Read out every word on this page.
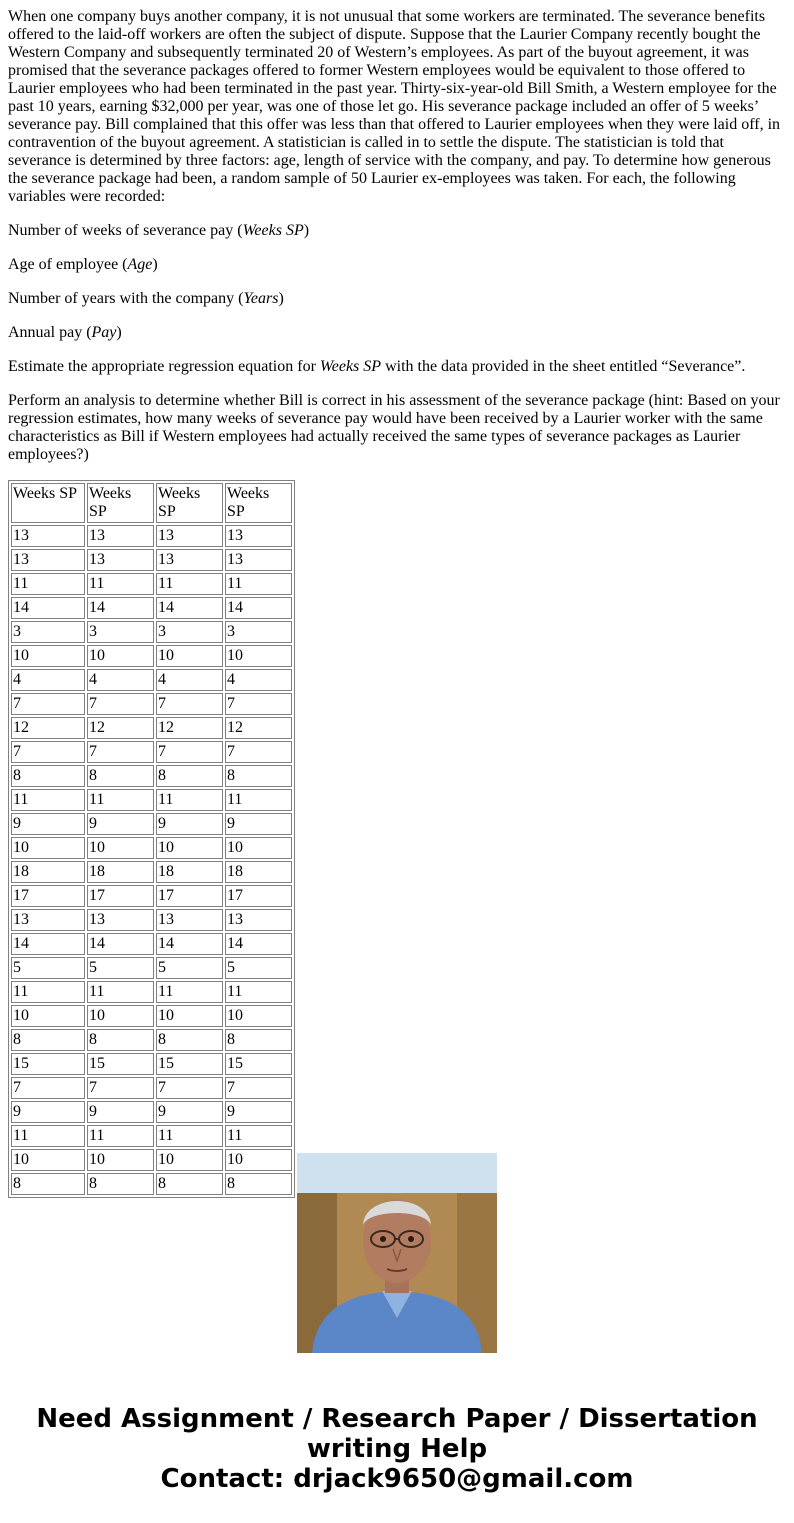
When one company buys another company, it is not unusual that some workers are terminated. The severance benefits offered to the laid-off workers are often the subject of dispute. Suppose that the Laurier Company recently bought the Western Company and subsequently terminated 20 of Western’s employees. As part of the buyout agreement, it was promised that the severance packages offered to former Western employees would be equivalent to those offered to Laurier employees who had been terminated in the past year. Thirty-six-year-old Bill Smith, a Western employee for the past 10 years, earning $32,000 per year, was one of those let go. His severance package included an offer of 5 weeks’ severance pay. Bill complained that this offer was less than that offered to Laurier employees when they were laid off, in contravention of the buyout agreement. A statistician is called in to settle the dispute. The statistician is told that severance is determined by three factors: age, length of service with the company, and pay. To determine how generous the severance package had been, a random sample of 50 Laurier ex-employees was taken. For each, the following variables were recorded:

Number of weeks of severance pay (Weeks SP)

Age of employee (Age)

Number of years with the company (Years)

Annual pay (Pay)

Estimate the appropriate regression equation for Weeks SP with the data provided in the sheet entitled “Severance”.

Perform an analysis to determine whether Bill is correct in his assessment of the severance package (hint: Based on your regression estimates, how many weeks of severance pay would have been received by a Laurier worker with the same characteristics as Bill if Western employees had actually received the same types of severance packages as Laurier employees?)

Weeks SP	Weeks SP	Weeks SP	Weeks SP
13	13	13	13
13	13	13	13
11	11	11	11
14	14	14	14
3	3	3	3
10	10	10	10
4	4	4	4
7	7	7	7
12	12	12	12
7	7	7	7
8	8	8	8
11	11	11	11
9	9	9	9
10	10	10	10
18	18	18	18
17	17	17	17
13	13	13	13
14	14	14	14
5	5	5	5
11	11	11	11
10	10	10	10
8	8	8	8
15	15	15	15
7	7	7	7
9	9	9	9
11	11	11	11
10	10	10	10
8	8	8	8
Need Assignment / Research Paper / Dissertation
writing Help
Contact: drjack9650@gmail.com
